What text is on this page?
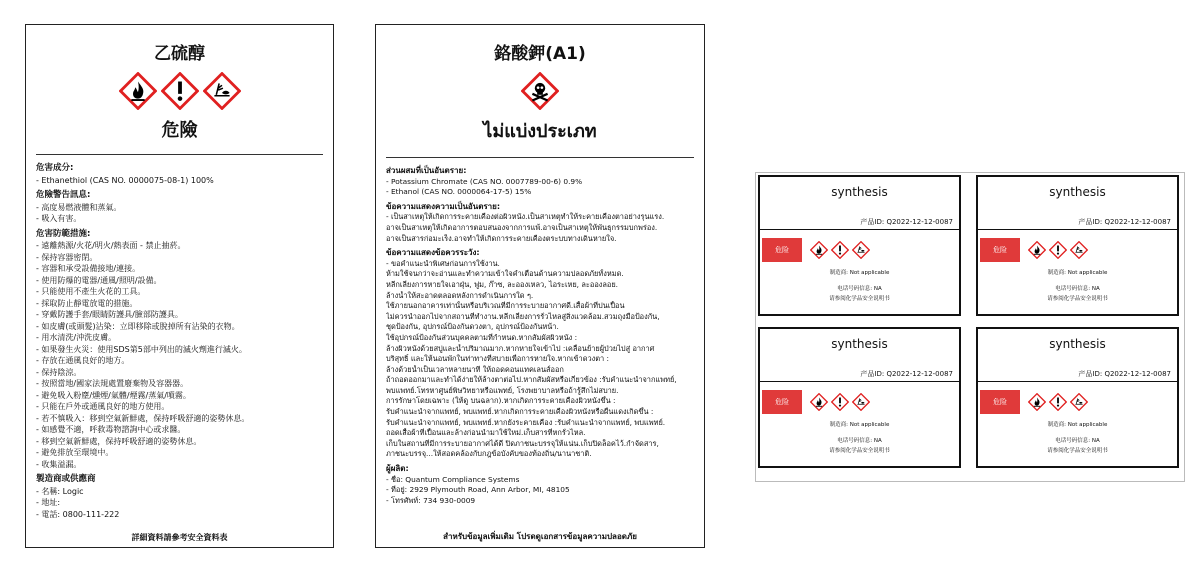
乙硫醇
危險
危害成分:
- Ethanethiol (CAS NO. 0000075-08-1) 100%
危險警告訊息:
- 高度易燃液體和蒸氣。
- 吸入有害。
危害防範措施:
- 遠離熱源/火花/明火/熱表面 - 禁止抽菸。
- 保持容器密閉。
- 容器和承受設備接地/連接。
- 使用防爆的電器/通風/照明/設備。
- 只能使用不產生火花的工具。
- 採取防止靜電放電的措施。
- 穿戴防護手套/眼睛防護具/臉部防護具。
- 如皮膚(或頭髮)沾染：立即移除或脫掉所有沾染的衣物。
- 用水清洗/沖洗皮膚。
- 如果發生火災：使用SDS第5部中列出的滅火劑進行滅火。
- 存放在通風良好的地方。
- 保持陰涼。
- 按照當地/國家法規處置廢棄物及容器器。
- 避免吸入粉塵/燻煙/氣體/煙霧/蒸氣/噴霧。
- 只能在戶外或通風良好的地方使用。
- 若不慎吸入：移到空氣新鮮處，保持呼吸舒適的姿勢休息。
- 如感覺不適，呼救毒物諮詢中心或求醫。
- 移到空氣新鮮處，保持呼吸舒適的姿勢休息。
- 避免排放至環境中。
- 收集溢漏。
製造商或供應商
- 名稱: Logic
- 地址:
- 電話: 0800-111-222
詳細資料請參考安全資料表
鉻酸鉀(A1)
ไม่แบ่งประเภท
ส่วนผสมที่เป็นอันตราย:
- Potassium Chromate (CAS NO. 0007789-00-6) 0.9%
- Ethanol (CAS NO. 0000064-17-5) 15%
ข้อความแสดงความเป็นอันตราย:
- เป็นสาเหตุให้เกิดการระคายเคืองต่อผิวหนัง.เป็นสาเหตุทำให้ระคายเคืองตาอย่างรุนแรง.
อาจเป็นสาเหตุให้เกิดอาการตอบสนองจากการแพ้.อาจเป็นสาเหตุให้พันธุกรรมบกพร่อง.
อาจเป็นสารก่อมะเร็ง.อาจทำให้เกิดการระคายเคืองตระบบทางเดินหายใจ.
ข้อความแสดงข้อควรระวัง:
- ขอคำแนะนำพิเศษก่อนการใช้งาน.
ห้ามใช้จนกว่าจะอ่านและทำความเข้าใจคำเตือนด้านความปลอดภัยทั้งหมด.
หลีกเลี่ยงการหายใจเอาฝุ่น, ฟูม, ก๊าซ, ละอองเหลว, ไอระเหย, ละอองลอย.
ล้างน้ำให้สะอาดตลอดหลังการดำเนินการใด ๆ.
ใช้ภายนอกอาคารเท่านั้นหรือบริเวณที่มีการระบายอากาศดี.เสื้อผ้าที่ปนเปื้อน
ไม่ควรนำออกไปจากสถานที่ทำงาน.หลีกเลี่ยงการรั่วไหลสู่สิ่งแวดล้อม.สวมถุงมือป้องกัน,
ชุดป้องกัน, อุปกรณ์ป้องกันดวงตา, อุปกรณ์ป้องกันหน้า.
ใช้อุปกรณ์ป้องกันส่วนบุคคลตามที่กำหนด.หากสัมผัสผิวหนัง :
ล้างผิวหนังด้วยสบู่และน้ำปริมาณมาก.หากหายใจเข้าไป :เคลื่อนย้ายผู้ป่วยไปสู่ อากาศ
บริสุทธิ์ และให้นอนพักในท่าทางที่สบายเพื่อการหายใจ.หากเข้าดวงตา :
ล้างด้วยน้ำเป็นเวลาหลายนาที ให้ถอดคอนแทคเลนส์ออก
ถ้าถอดออกมาและทำได้ง่ายให้ล้างตาต่อไป.หากสัมผัสหรือเกี่ยวข้อง :รับคำแนะนำจากแพทย์,
พบแพทย์.โทรหาศูนย์พิษวิทยาหรือแพทย์, โรงพยาบาลหรือถ้ารู้สึกไม่สบาย.
การรักษาโดยเฉพาะ (ให้ดู บนฉลาก).หากเกิดการระคายเคืองผิวหนังขึ้น :
รับคำแนะนำจากแพทย์, พบแพทย์.หากเกิดการระคายเคืองผิวหนังหรือผื่นแดงเกิดขึ้น :
รับคำแนะนำจากแพทย์, พบแพทย์.หากยังระคายเคือง :รับคำแนะนำจากแพทย์, พบแพทย์.
ถอดเสื้อผ้าที่เปื้อนและล้างก่อนนำมาใช้ใหม่.เก็บสารที่หกรั่วไหล.
เก็บในสถานที่มีการระบายอากาศได้ดี ปิดภาชนะบรรจุให้แน่น.เก็บปิดล็อคไว้.กำจัดสาร,
ภาชนะบรรจุ...ให้สอดคล้องกับกฎข้อบังคับของท้องถิ่น/นานาชาติ.
ผู้ผลิต:
- ชื่อ: Quantum Compliance Systems
- ที่อยู่: 2929 Plymouth Road, Ann Arbor, MI, 48105
- โทรศัพท์: 734 930-0009
สำหรับข้อมูลเพิ่มเติม โปรดดูเอกสารข้อมูลความปลอดภัย
synthesis
产品ID: Q2022-12-12-0087
危险
制造商: Not applicable
电话号码信息: NA
请参阅化学品安全说明书
synthesis
产品ID: Q2022-12-12-0087
危险
制造商: Not applicable
电话号码信息: NA
请参阅化学品安全说明书
synthesis
产品ID: Q2022-12-12-0087
危险
制造商: Not applicable
电话号码信息: NA
请参阅化学品安全说明书
synthesis
产品ID: Q2022-12-12-0087
危险
制造商: Not applicable
电话号码信息: NA
请参阅化学品安全说明书
